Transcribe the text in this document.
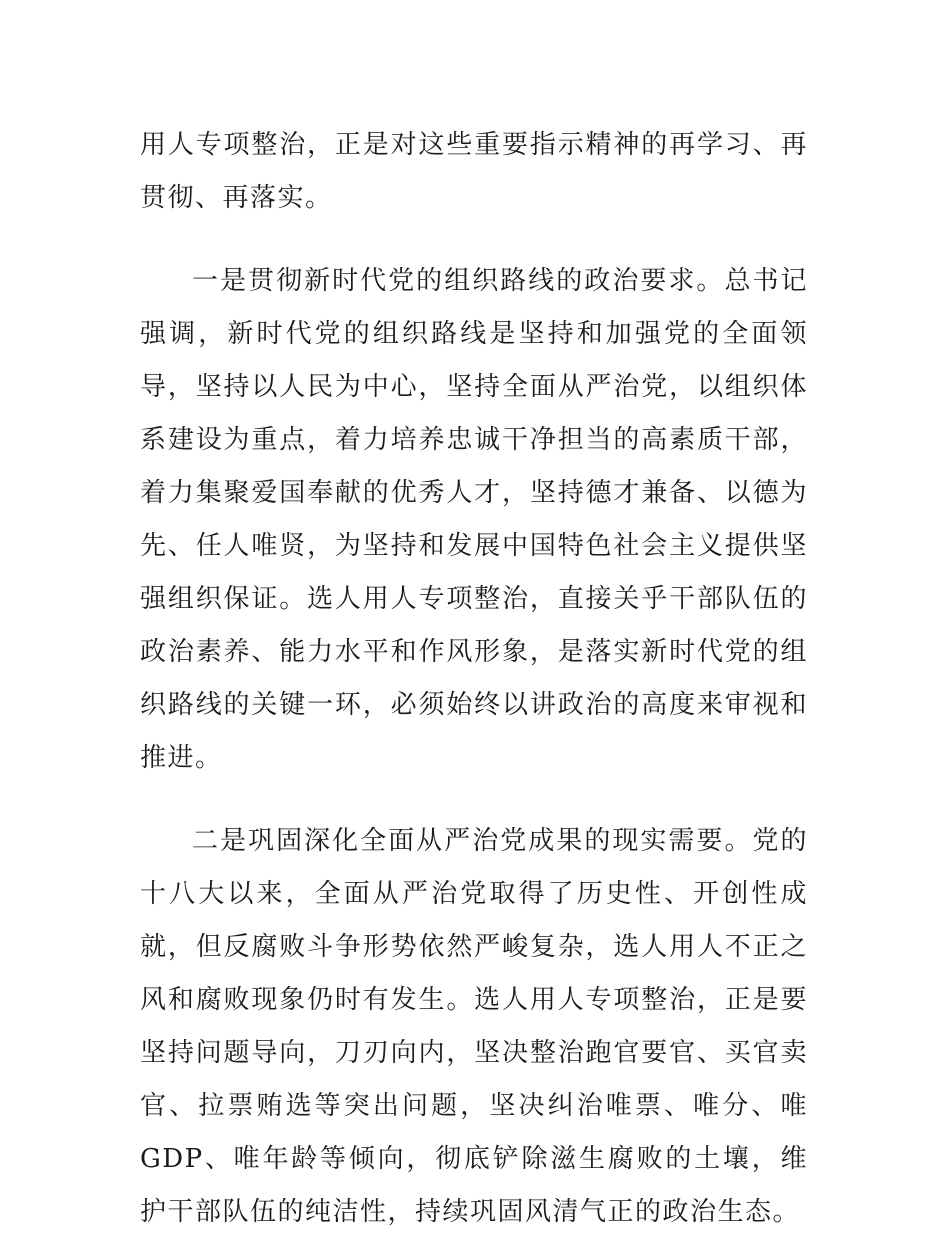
用人专项整治，正是对这些重要指示精神的再学习、再贯彻、再落实。

一是贯彻新时代党的组织路线的政治要求。总书记强调，新时代党的组织路线是坚持和加强党的全面领导，坚持以人民为中心，坚持全面从严治党，以组织体系建设为重点，着力培养忠诚干净担当的高素质干部，着力集聚爱国奉献的优秀人才，坚持德才兼备、以德为先、任人唯贤，为坚持和发展中国特色社会主义提供坚强组织保证。选人用人专项整治，直接关乎干部队伍的政治素养、能力水平和作风形象，是落实新时代党的组织路线的关键一环，必须始终以讲政治的高度来审视和推进。

二是巩固深化全面从严治党成果的现实需要。党的十八大以来，全面从严治党取得了历史性、开创性成就，但反腐败斗争形势依然严峻复杂，选人用人不正之风和腐败现象仍时有发生。选人用人专项整治，正是要坚持问题导向，刀刃向内，坚决整治跑官要官、买官卖官、拉票贿选等突出问题，坚决纠治唯票、唯分、唯GDP、唯年龄等倾向，彻底铲除滋生腐败的土壤，维护干部队伍的纯洁性，持续巩固风清气正的政治生态。
